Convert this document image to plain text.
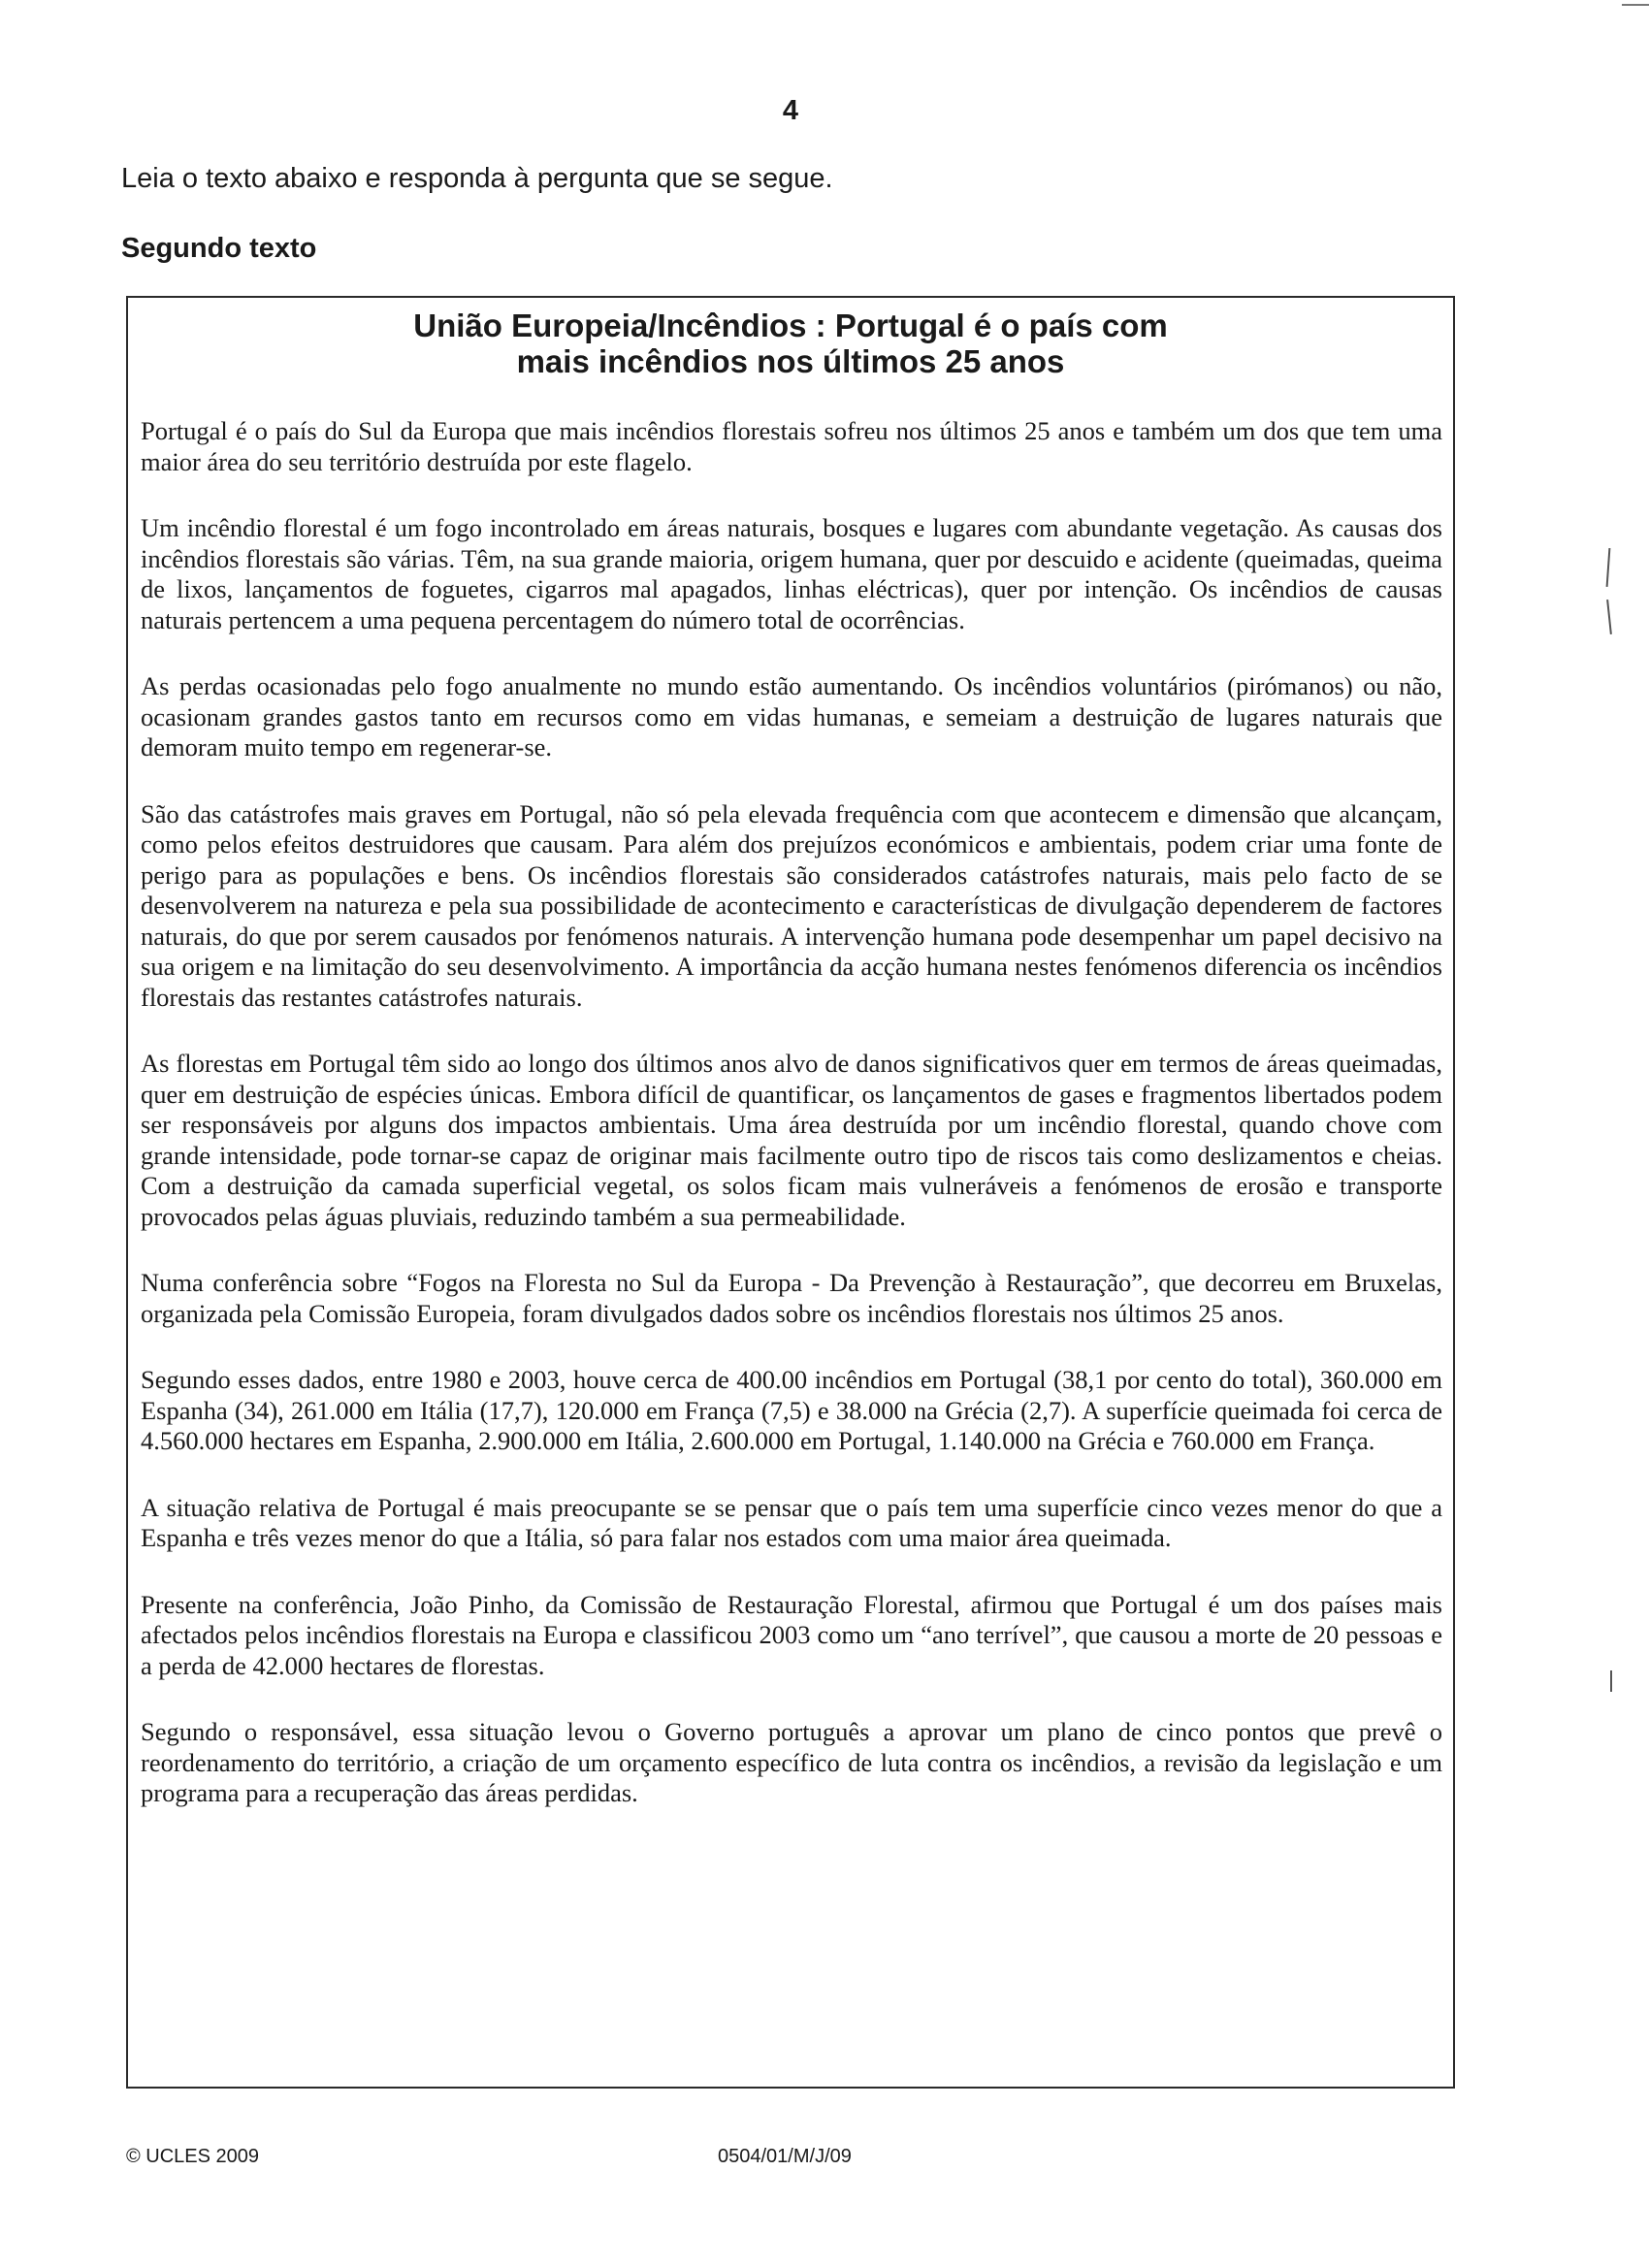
4

Leia o texto abaixo e responda à pergunta que se segue.

Segundo texto

União Europeia/Incêndios : Portugal é o país com
mais incêndios nos últimos 25 anos

Portugal é o país do Sul da Europa que mais incêndios florestais sofreu nos últimos 25 anos e também um dos que tem uma maior área do seu território destruída por este flagelo.

Um incêndio florestal é um fogo incontrolado em áreas naturais, bosques e lugares com abundante vegetação. As causas dos incêndios florestais são várias. Têm, na sua grande maioria, origem humana, quer por descuido e acidente (queimadas, queima de lixos, lançamentos de foguetes, cigarros mal apagados, linhas eléctricas), quer por intenção. Os incêndios de causas naturais pertencem a uma pequena percentagem do número total de ocorrências.

As perdas ocasionadas pelo fogo anualmente no mundo estão aumentando. Os incêndios voluntários (pirómanos) ou não, ocasionam grandes gastos tanto em recursos como em vidas humanas, e semeiam a destruição de lugares naturais que demoram muito tempo em regenerar-se.

São das catástrofes mais graves em Portugal, não só pela elevada frequência com que acontecem e dimensão que alcançam, como pelos efeitos destruidores que causam. Para além dos prejuízos económicos e ambientais, podem criar uma fonte de perigo para as populações e bens. Os incêndios florestais são considerados catástrofes naturais, mais pelo facto de se desenvolverem na natureza e pela sua possibilidade de acontecimento e características de divulgação dependerem de factores naturais, do que por serem causados por fenómenos naturais. A intervenção humana pode desempenhar um papel decisivo na sua origem e na limitação do seu desenvolvimento. A importância da acção humana nestes fenómenos diferencia os incêndios florestais das restantes catástrofes naturais.

As florestas em Portugal têm sido ao longo dos últimos anos alvo de danos significativos quer em termos de áreas queimadas, quer em destruição de espécies únicas. Embora difícil de quantificar, os lançamentos de gases e fragmentos libertados podem ser responsáveis por alguns dos impactos ambientais. Uma área destruída por um incêndio florestal, quando chove com grande intensidade, pode tornar-se capaz de originar mais facilmente outro tipo de riscos tais como deslizamentos e cheias. Com a destruição da camada superficial vegetal, os solos ficam mais vulneráveis a fenómenos de erosão e transporte provocados pelas águas pluviais, reduzindo também a sua permeabilidade.

Numa conferência sobre “Fogos na Floresta no Sul da Europa - Da Prevenção à Restauração”, que decorreu em Bruxelas, organizada pela Comissão Europeia, foram divulgados dados sobre os incêndios florestais nos últimos 25 anos.

Segundo esses dados, entre 1980 e 2003, houve cerca de 400.00 incêndios em Portugal (38,1 por cento do total), 360.000 em Espanha (34), 261.000 em Itália (17,7), 120.000 em França (7,5) e 38.000 na Grécia (2,7). A superfície queimada foi cerca de 4.560.000 hectares em Espanha, 2.900.000 em Itália, 2.600.000 em Portugal, 1.140.000 na Grécia e 760.000 em França.

A situação relativa de Portugal é mais preocupante se se pensar que o país tem uma superfície cinco vezes menor do que a Espanha e três vezes menor do que a Itália, só para falar nos estados com uma maior área queimada.

Presente na conferência, João Pinho, da Comissão de Restauração Florestal, afirmou que Portugal é um dos países mais afectados pelos incêndios florestais na Europa e classificou 2003 como um “ano terrível”, que causou a morte de 20 pessoas e a perda de 42.000 hectares de florestas.

Segundo o responsável, essa situação levou o Governo português a aprovar um plano de cinco pontos que prevê o reordenamento do território, a criação de um orçamento específico de luta contra os incêndios, a revisão da legislação e um programa para a recuperação das áreas perdidas.

© UCLES 2009	0504/01/M/J/09
